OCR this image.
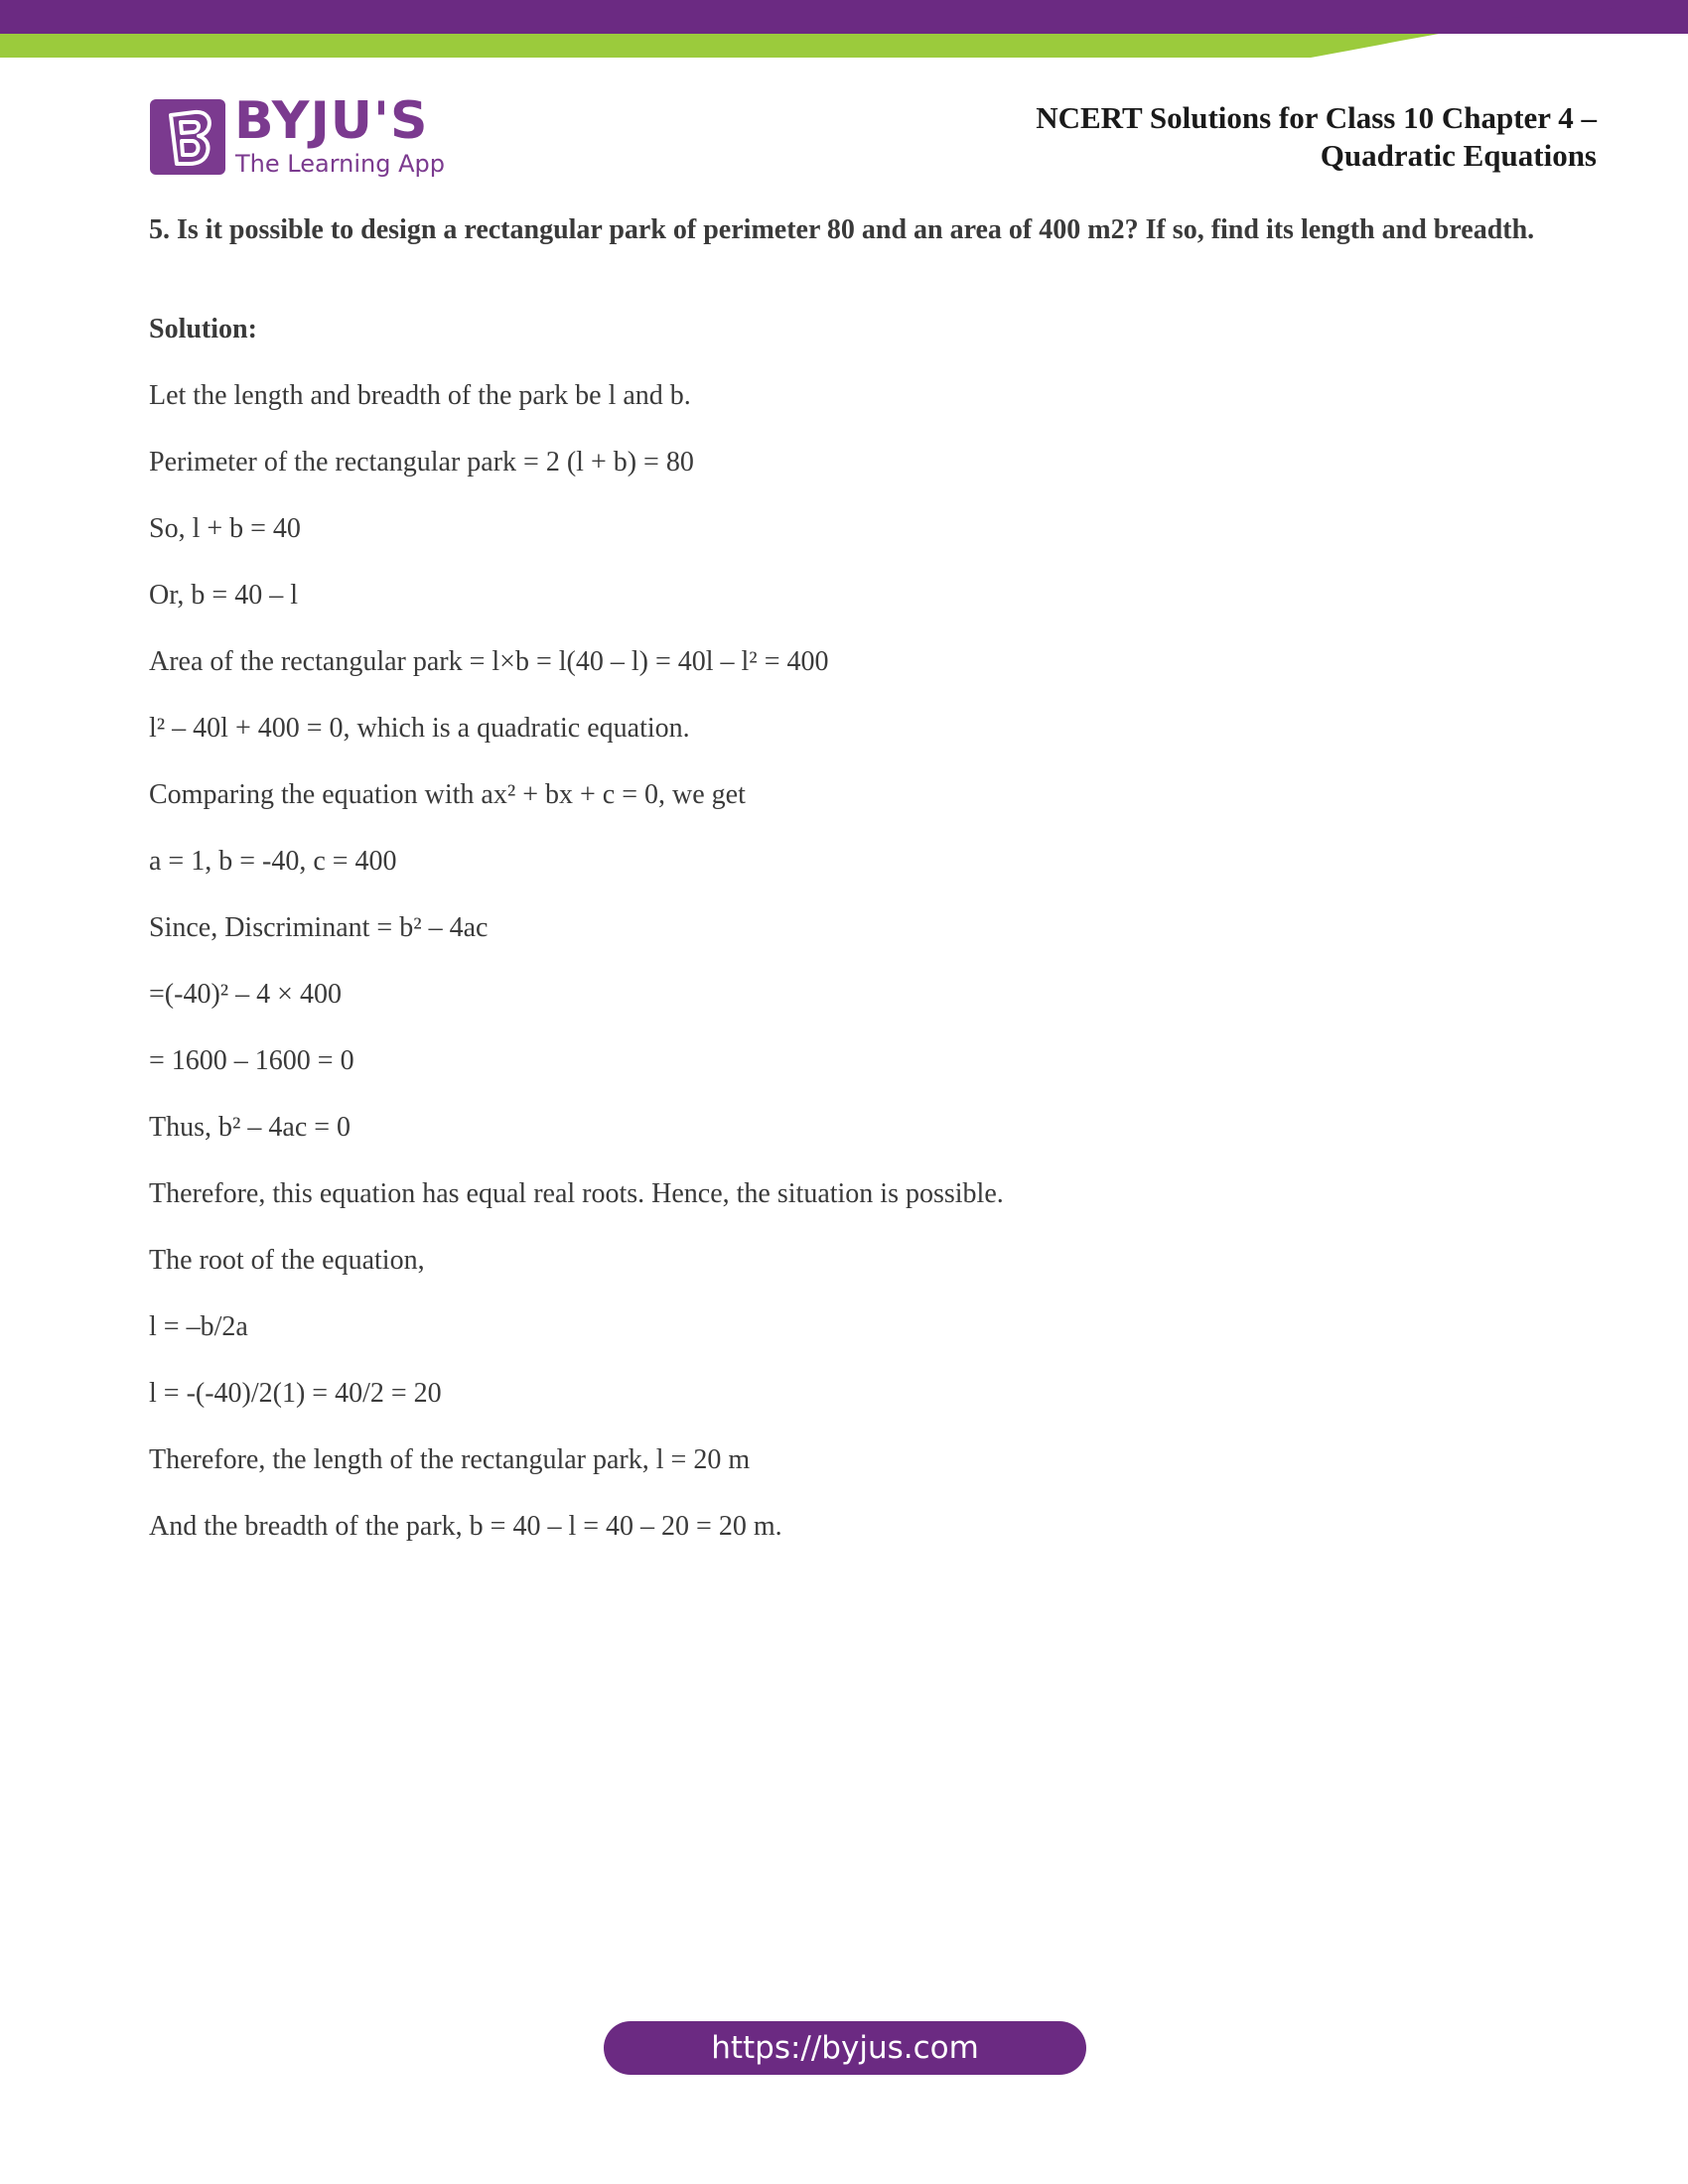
BYJU'S
The Learning App
NCERT Solutions for Class 10 Chapter 4 –
Quadratic Equations

5. Is it possible to design a rectangular park of perimeter 80 and an area of 400 m2? If so, find its length and breadth.

Solution:

Let the length and breadth of the park be l and b.

Perimeter of the rectangular park = 2 (l + b) = 80

So, l + b = 40

Or, b = 40 – l

Area of the rectangular park = l×b = l(40 – l) = 40l – l² = 400

l² – 40l + 400 = 0, which is a quadratic equation.

Comparing the equation with ax² + bx + c = 0, we get

a = 1, b = -40, c = 400

Since, Discriminant = b² – 4ac

=(-40)² – 4 × 400

= 1600 – 1600 = 0

Thus, b² – 4ac = 0

Therefore, this equation has equal real roots. Hence, the situation is possible.

The root of the equation,

l = –b/2a

l = -(-40)/2(1) = 40/2 = 20

Therefore, the length of the rectangular park, l = 20 m

And the breadth of the park, b = 40 – l = 40 – 20 = 20 m.

https://byjus.com
